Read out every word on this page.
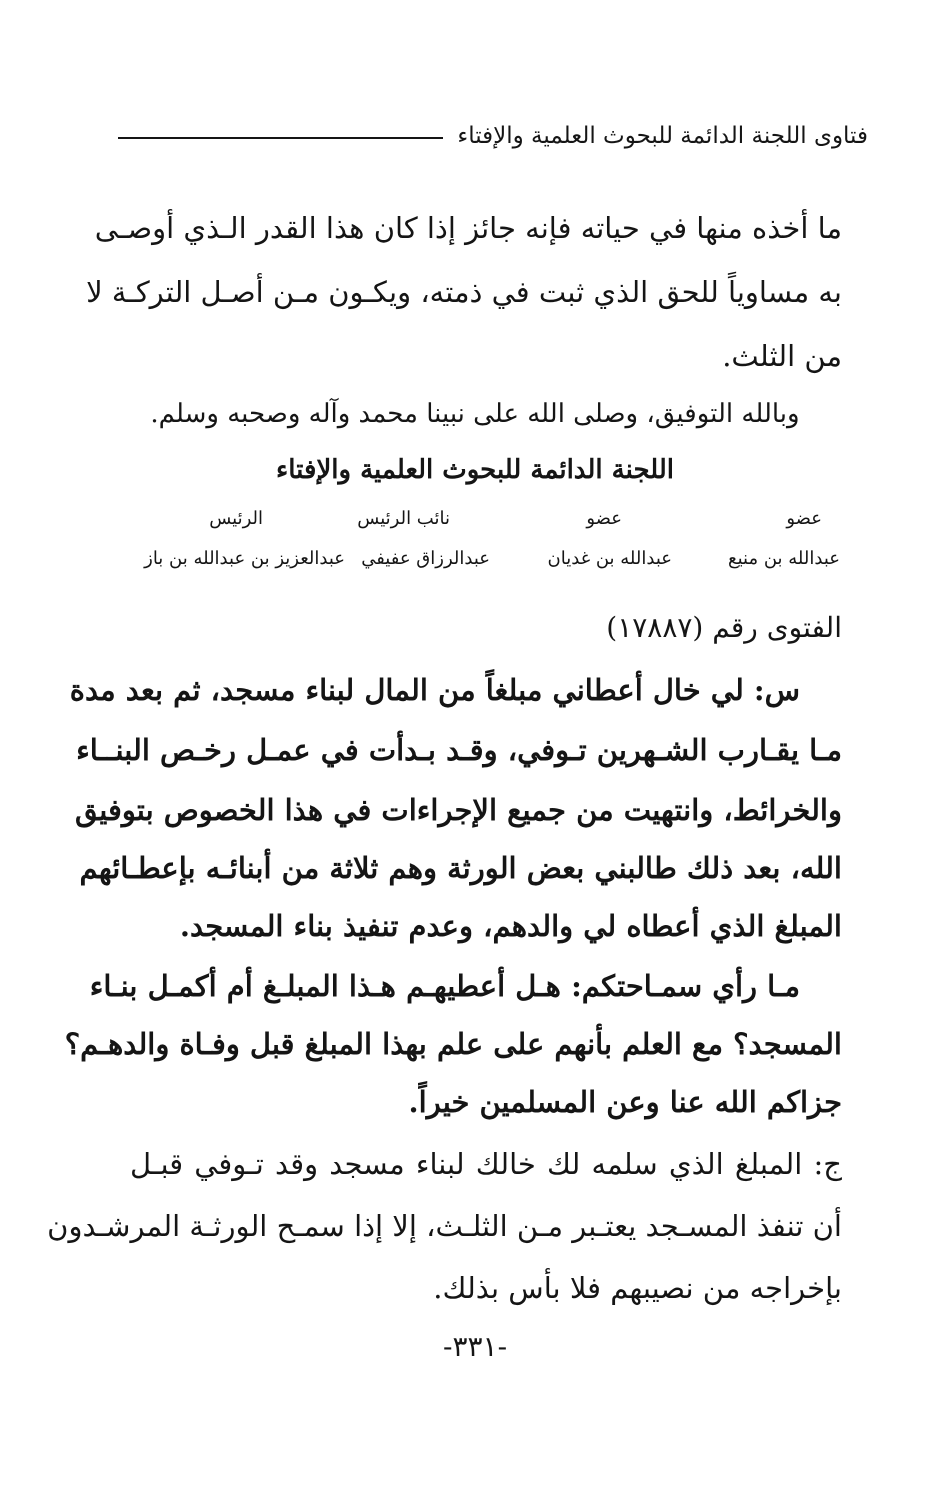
فتاوى اللجنة الدائمة للبحوث العلمية والإفتاء
ما أخذه منها في حياته فإنه جائز إذا كان هذا القدر الـذي أوصـى
به مساوياً للحق الذي ثبت في ذمته، ويكـون مـن أصـل التركـة لا
من الثلث.
وبالله التوفيق، وصلى الله على نبينا محمد وآله وصحبه وسلم.
اللجنة الدائمة للبحوث العلمية والإفتاء
عضو
عضو
نائب الرئيس
الرئيس
عبدالله بن منيع
عبدالله بن غديان
عبدالرزاق عفيفي
عبدالعزيز بن عبدالله بن باز
الفتوى رقم (١٧٨٨٧)
س: لي خال أعطاني مبلغاً من المال لبناء مسجد، ثم بعد مدة
مـا يقـارب الشـهرين تـوفي، وقـد بـدأت في عمـل رخـص البنــاء
والخرائط، وانتهيت من جميع الإجراءات في هذا الخصوص بتوفيق
الله، بعد ذلك طالبني بعض الورثة وهم ثلاثة من أبنائـه بإعطـائهم
المبلغ الذي أعطاه لي والدهم، وعدم تنفيذ بناء المسجد.
مـا رأي سمـاحتكم: هـل أعطيهـم هـذا المبلـغ أم أكمـل بنـاء
المسجد؟ مع العلم بأنهم على علم بهذا المبلغ قبل وفـاة والدهـم؟
جزاكم الله عنا وعن المسلمين خيراً.
ج: المبلغ الذي سلمه لك خالك لبناء مسجد وقد تـوفي قبـل
أن تنفذ المسـجد يعتـبر مـن الثلـث، إلا إذا سمـح الورثـة المرشـدون
بإخراجه من نصيبهم فلا بأس بذلك.
-٣٣١-
